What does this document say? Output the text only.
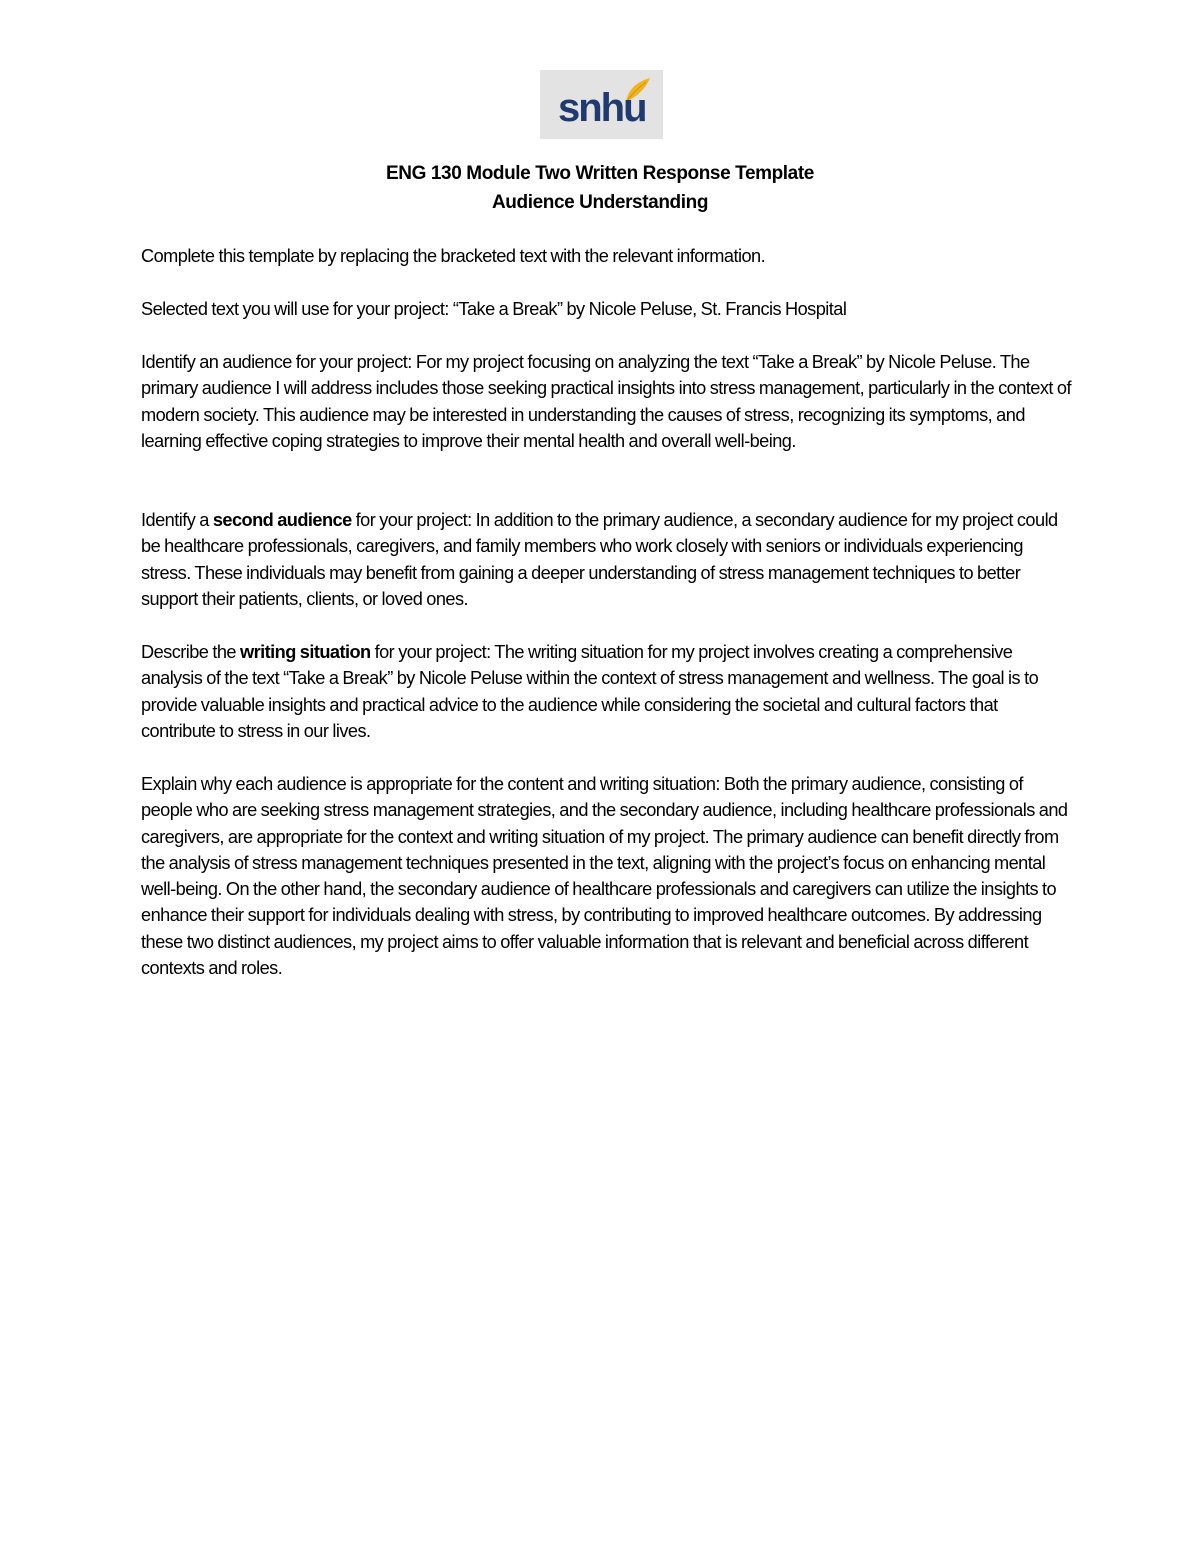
snhu
ENG 130 Module Two Written Response Template
Audience Understanding
Complete this template by replacing the bracketed text with the relevant information.
Selected text you will use for your project: “Take a Break” by Nicole Peluse, St. Francis Hospital
Identify an audience for your project: For my project focusing on analyzing the text “Take a Break” by Nicole Peluse. The primary audience I will address includes those seeking practical insights into stress management, particularly in the context of modern society. This audience may be interested in understanding the causes of stress, recognizing its symptoms, and learning effective coping strategies to improve their mental health and overall well-being.
Identify a second audience for your project: In addition to the primary audience, a secondary audience for my project could be healthcare professionals, caregivers, and family members who work closely with seniors or individuals experiencing stress. These individuals may benefit from gaining a deeper understanding of stress management techniques to better support their patients, clients, or loved ones.
Describe the writing situation for your project: The writing situation for my project involves creating a comprehensive analysis of the text “Take a Break” by Nicole Peluse within the context of stress management and wellness. The goal is to provide valuable insights and practical advice to the audience while considering the societal and cultural factors that contribute to stress in our lives.
Explain why each audience is appropriate for the content and writing situation: Both the primary audience, consisting of people who are seeking stress management strategies, and the secondary audience, including healthcare professionals and caregivers, are appropriate for the context and writing situation of my project. The primary audience can benefit directly from the analysis of stress management techniques presented in the text, aligning with the project’s focus on enhancing mental well-being. On the other hand, the secondary audience of healthcare professionals and caregivers can utilize the insights to enhance their support for individuals dealing with stress, by contributing to improved healthcare outcomes. By addressing these two distinct audiences, my project aims to offer valuable information that is relevant and beneficial across different contexts and roles.
